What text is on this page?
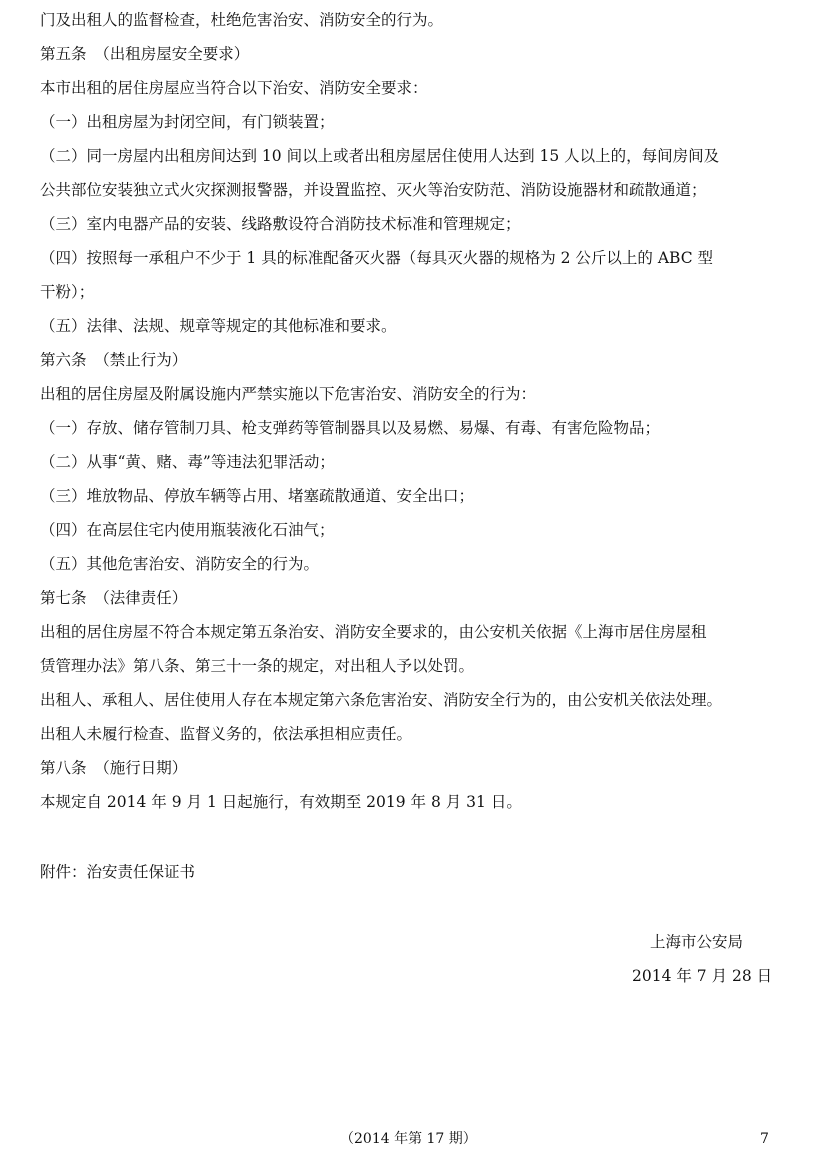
门及出租人的监督检查，杜绝危害治安、消防安全的行为。
第五条　（出租房屋安全要求）
本市出租的居住房屋应当符合以下治安、消防安全要求：
（一）出租房屋为封闭空间，有门锁装置；
（二）同一房屋内出租房间达到 10 间以上或者出租房屋居住使用人达到 15 人以上的，每间房间及
公共部位安装独立式火灾探测报警器，并设置监控、灭火等治安防范、消防设施器材和疏散通道；
（三）室内电器产品的安装、线路敷设符合消防技术标准和管理规定；
（四）按照每一承租户不少于 1 具的标准配备灭火器（每具灭火器的规格为 2 公斤以上的 ABC 型
干粉）；
（五）法律、法规、规章等规定的其他标准和要求。
第六条　（禁止行为）
出租的居住房屋及附属设施内严禁实施以下危害治安、消防安全的行为：
（一）存放、储存管制刀具、枪支弹药等管制器具以及易燃、易爆、有毒、有害危险物品；
（二）从事“黄、赌、毒”等违法犯罪活动；
（三）堆放物品、停放车辆等占用、堵塞疏散通道、安全出口；
（四）在高层住宅内使用瓶装液化石油气；
（五）其他危害治安、消防安全的行为。
第七条　（法律责任）
出租的居住房屋不符合本规定第五条治安、消防安全要求的，由公安机关依据《上海市居住房屋租
赁管理办法》第八条、第三十一条的规定，对出租人予以处罚。
出租人、承租人、居住使用人存在本规定第六条危害治安、消防安全行为的，由公安机关依法处理。
出租人未履行检查、监督义务的，依法承担相应责任。
第八条　（施行日期）
本规定自 2014 年 9 月 1 日起施行，有效期至 2019 年 8 月 31 日。
附件：治安责任保证书
上海市公安局
2014 年 7 月 28 日
（2014 年第 17 期）	7
